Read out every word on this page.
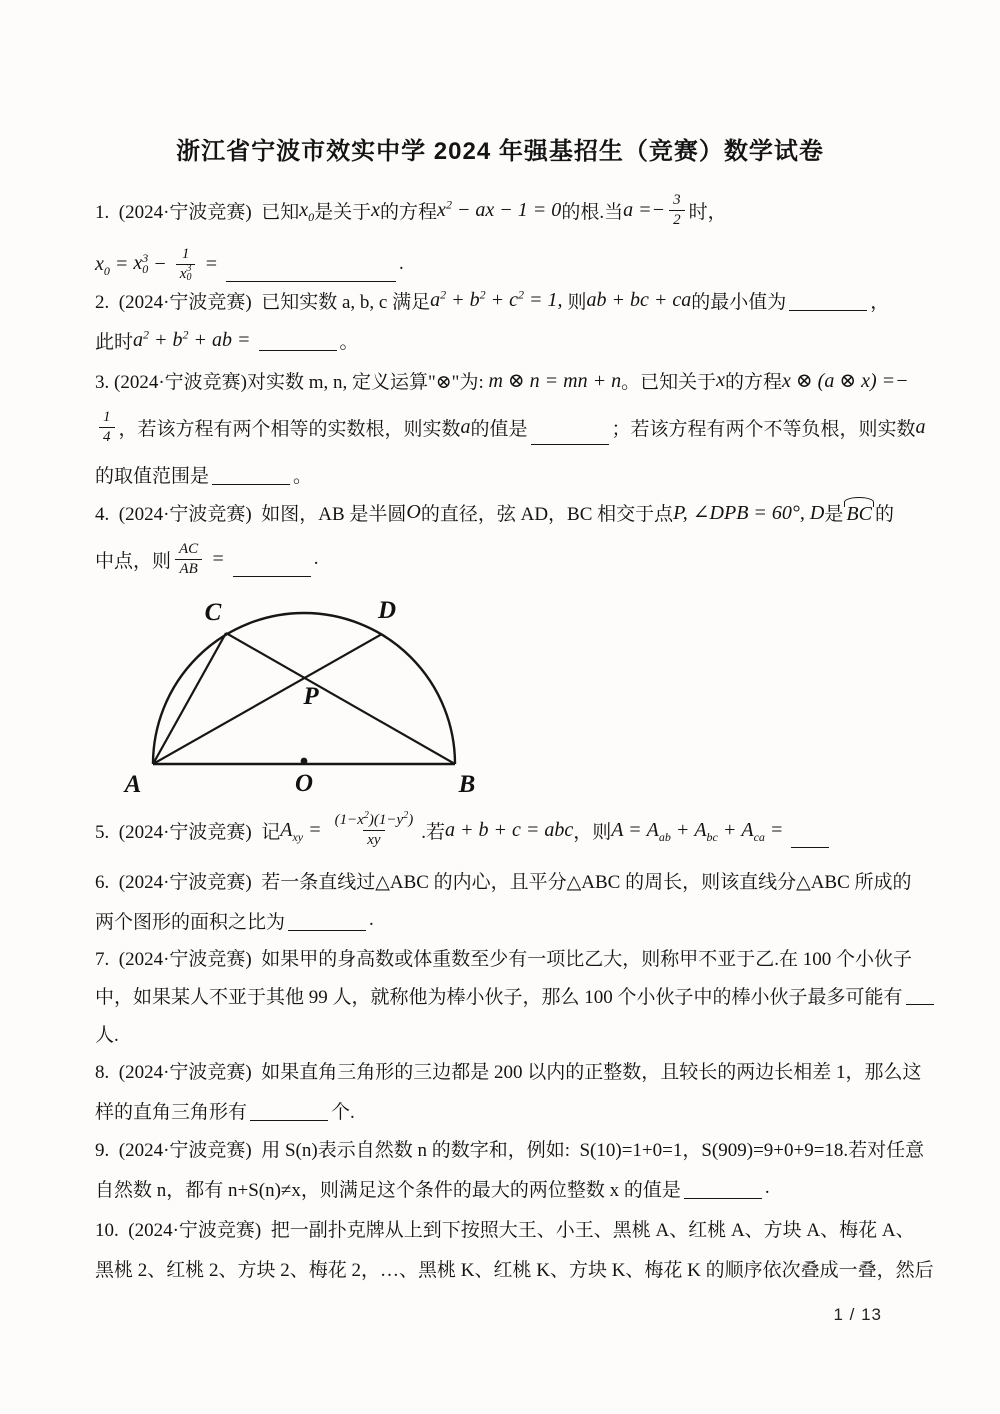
浙江省宁波市效实中学 2024 年强基招生（竞赛）数学试卷
1.  (2024·宁波竞赛)  已知 $x_0$ 是关于 x 的方程 $x^2$ − ax − 1 = 0 的根.当 $a =- \frac{3}{2}$ 时，
$x_0 = x$ 3
0 − 1
x 3
0 =	.
2.  (2024·宁波竞赛)  已知实数 a, b, c 满足 $a^2 + b^2 + c^2 = 1$, 则 ab + bc + ca 的最小值为	，
此时 $a^2 + b^2$ + ab =	。
3. (2024·宁波竞赛)对实数 m, n, 定义运算"⊗"为: m ⊗ n = mn + n 。已知关于 x 的方程 x ⊗ (a ⊗ x) =−
$\frac{1}{4}$ ，若该方程有两个相等的实数根，则实数 a 的值是	；若该方程有两个不等负根，则实数 a
的取值范围是	。
4.  (2024·宁波竞赛)  如图，AB 是半圆 O 的直径，弦 AD，BC 相交于点 P, ∠DPB = 60°, D 是 BC 的
中点，则 $\frac{AC}{AB}$ =	.
5.  (2024·宁波竞赛)  记 $A_{xy} = \frac{(1-x^2)(1-y^2)}{xy}$ .若 a + b + c = abc ，则 $A = A_{ab} + A_{bc} + A_{ca}$ =
6.  (2024·宁波竞赛)  若一条直线过△ABC 的内心，且平分△ABC 的周长，则该直线分△ABC 所成的
两个图形的面积之比为	.
7.  (2024·宁波竞赛)  如果甲的身高数或体重数至少有一项比乙大，则称甲不亚于乙.在 100 个小伙子
中，如果某人不亚于其他 99 人，就称他为棒小伙子，那么 100 个小伙子中的棒小伙子最多可能有
人.
8.  (2024·宁波竞赛)  如果直角三角形的三边都是 200 以内的正整数，且较长的两边长相差 1，那么这
样的直角三角形有	个.
9.  (2024·宁波竞赛)  用 S(n)表示自然数 n 的数字和，例如:  S(10)=1+0=1，S(909)=9+0+9=18.若对任意
自然数 n，都有 n+S(n)≠x，则满足这个条件的最大的两位整数 x 的值是	.
10.  (2024·宁波竞赛)  把一副扑克牌从上到下按照大王、小王、黑桃 A、红桃 A、方块 A、梅花 A、
黑桃 2、红桃 2、方块 2、梅花 2，…、黑桃 K、红桃 K、方块 K、梅花 K 的顺序依次叠成一叠，然后
A	B
O
C	D
P
1 / 13
